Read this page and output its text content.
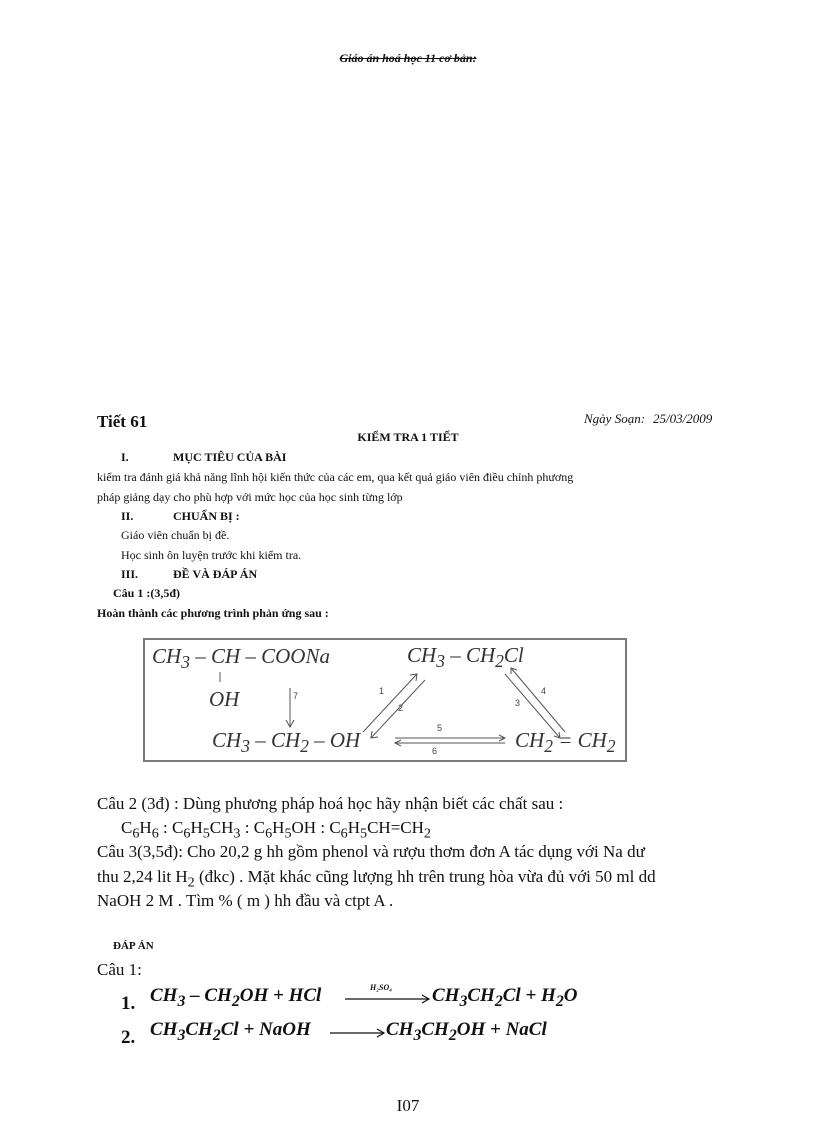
Giáo án hoá học 11 cơ bản:
Tiết 61	Ngày Soạn: 25/03/2009
KIỂM TRA 1 TIẾT
I.	MỤC TIÊU CỦA BÀI
kiểm tra đánh giá khả năng lĩnh hội kiến thức của các em, qua kết quả giáo viên điều chỉnh phương
pháp giảng dạy cho phù hợp với mức học của học sinh từng lớp
II.	CHUẨN BỊ :
Giáo viên chuẩn bị đề.
Học sinh ôn luyện trước khi kiểm tra.
III.	ĐỀ VÀ ĐÁP ÁN
Câu 1 :(3,5đ)
Hoàn thành các phương trình phản ứng sau :
$CH_3$ – CH – COONa
OH
$CH_3 - CH_2Cl$
$CH_3 - CH_2$ – OH	$CH_2 = CH_2$
1
2	3
4
5
6
7
Câu 2 (3đ) : Dùng phương pháp hoá học hãy nhận biết các chất sau :
$C_6H_6$ : $C_6H_5CH_3$ : $C_6H_5OH$ : $C_6H_5CH=CH_2$
Câu 3(3,5đ): Cho 20,2 g hh gồm phenol và rượu thơm đơn A tác dụng với Na dư
thu 2,24 lit $H_2$ (đkc) . Mặt khác cũng lượng hh trên trung hòa vừa đủ với 50 ml dd
NaOH 2 M . Tìm % ( m ) hh đầu và ctpt A .
ĐÁP ÁN
Câu 1:
1. $CH_3 - CH_2OH$ + HCl	H₂SO₄ $CH_3CH_2Cl + H_2O$
2. $CH_3CH_2Cl$ + NaOH	$CH_3CH_2OH$ + NaCl
I07
